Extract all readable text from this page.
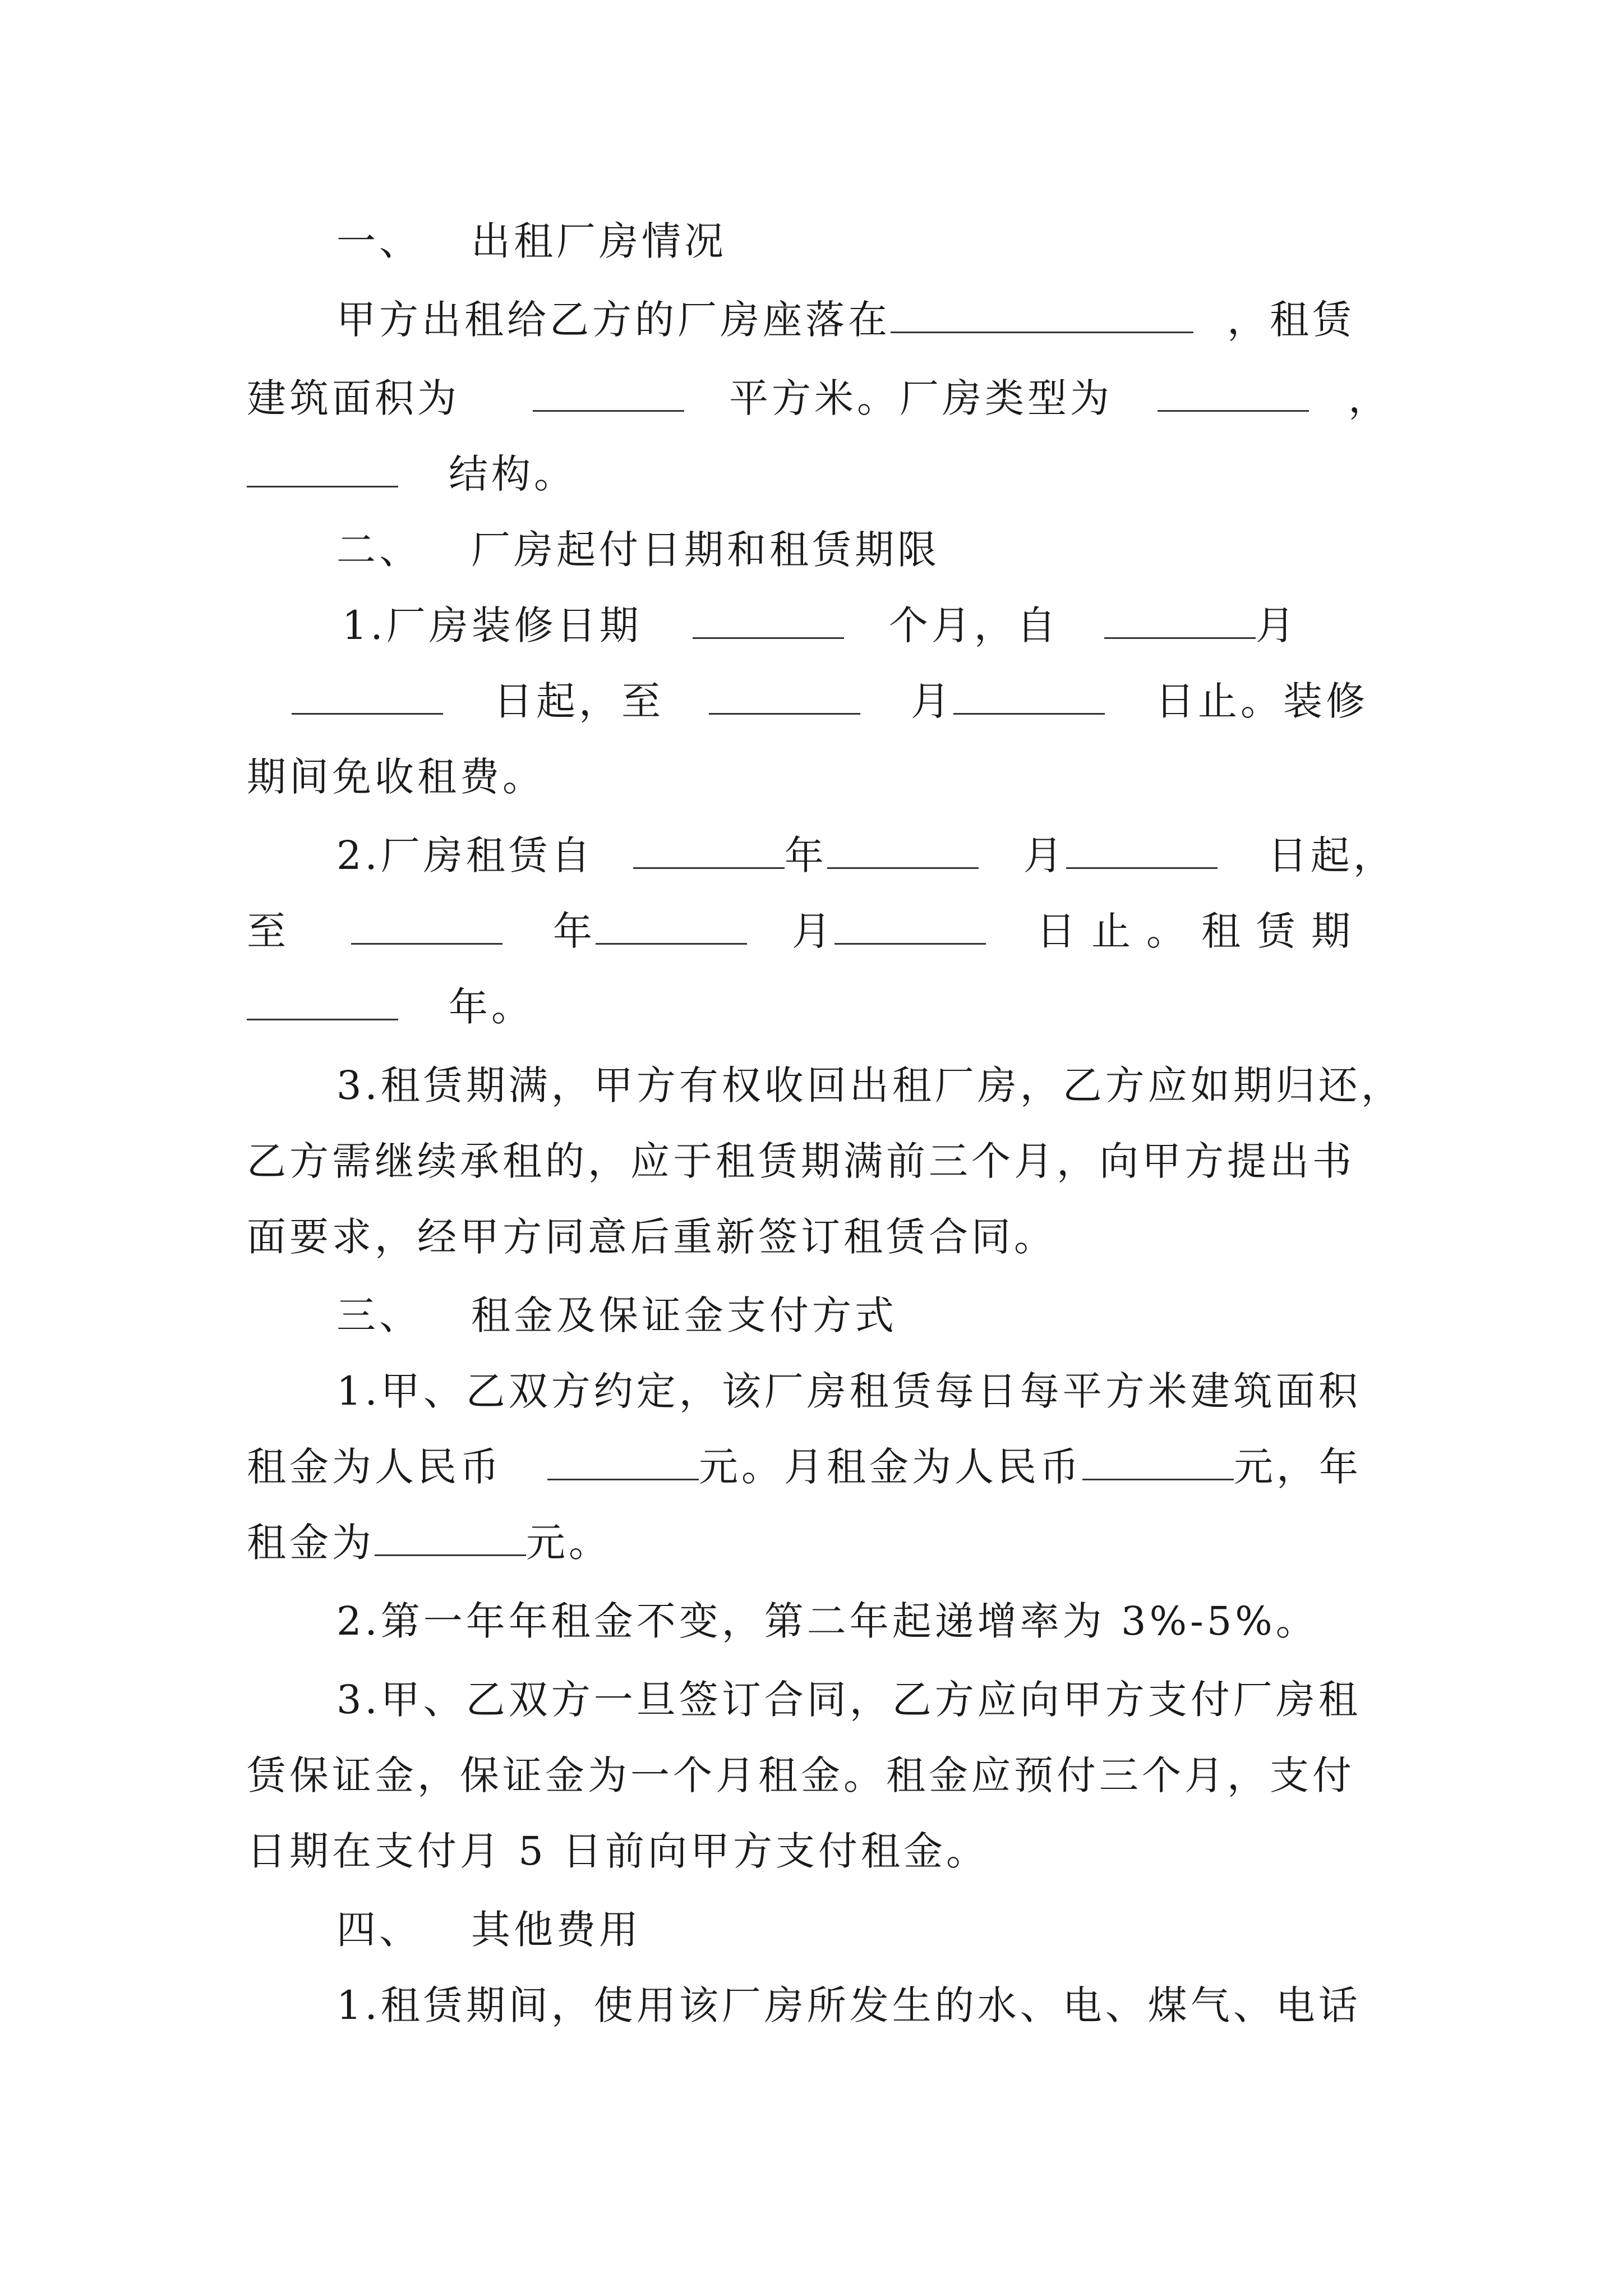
一、 出租厂房情况
甲方出租给乙方的厂房座落在	，租赁
建筑面积为	平方米。厂房类型为	，
结构。
二、 厂房起付日期和租赁期限
1.厂房装修日期	个月，自	月
日起，至	月	日止。装修
期间免收租费。
2.厂房租赁自	年	月	日起，
至	年	月	日止。租赁期
年。
3.租赁期满，甲方有权收回出租厂房，乙方应如期归还，
乙方需继续承租的，应于租赁期满前三个月，向甲方提出书
面要求，经甲方同意后重新签订租赁合同。
三、 租金及保证金支付方式
1.甲、乙双方约定，该厂房租赁每日每平方米建筑面积
租金为人民币	元。月租金为人民币	元，年
租金为	元。
2.第一年年租金不变，第二年起递增率为 3%-5%。
3.甲、乙双方一旦签订合同，乙方应向甲方支付厂房租
赁保证金，保证金为一个月租金。租金应预付三个月，支付
日期在支付月 5 日前向甲方支付租金。
四、 其他费用
1.租赁期间，使用该厂房所发生的水、电、煤气、电话
